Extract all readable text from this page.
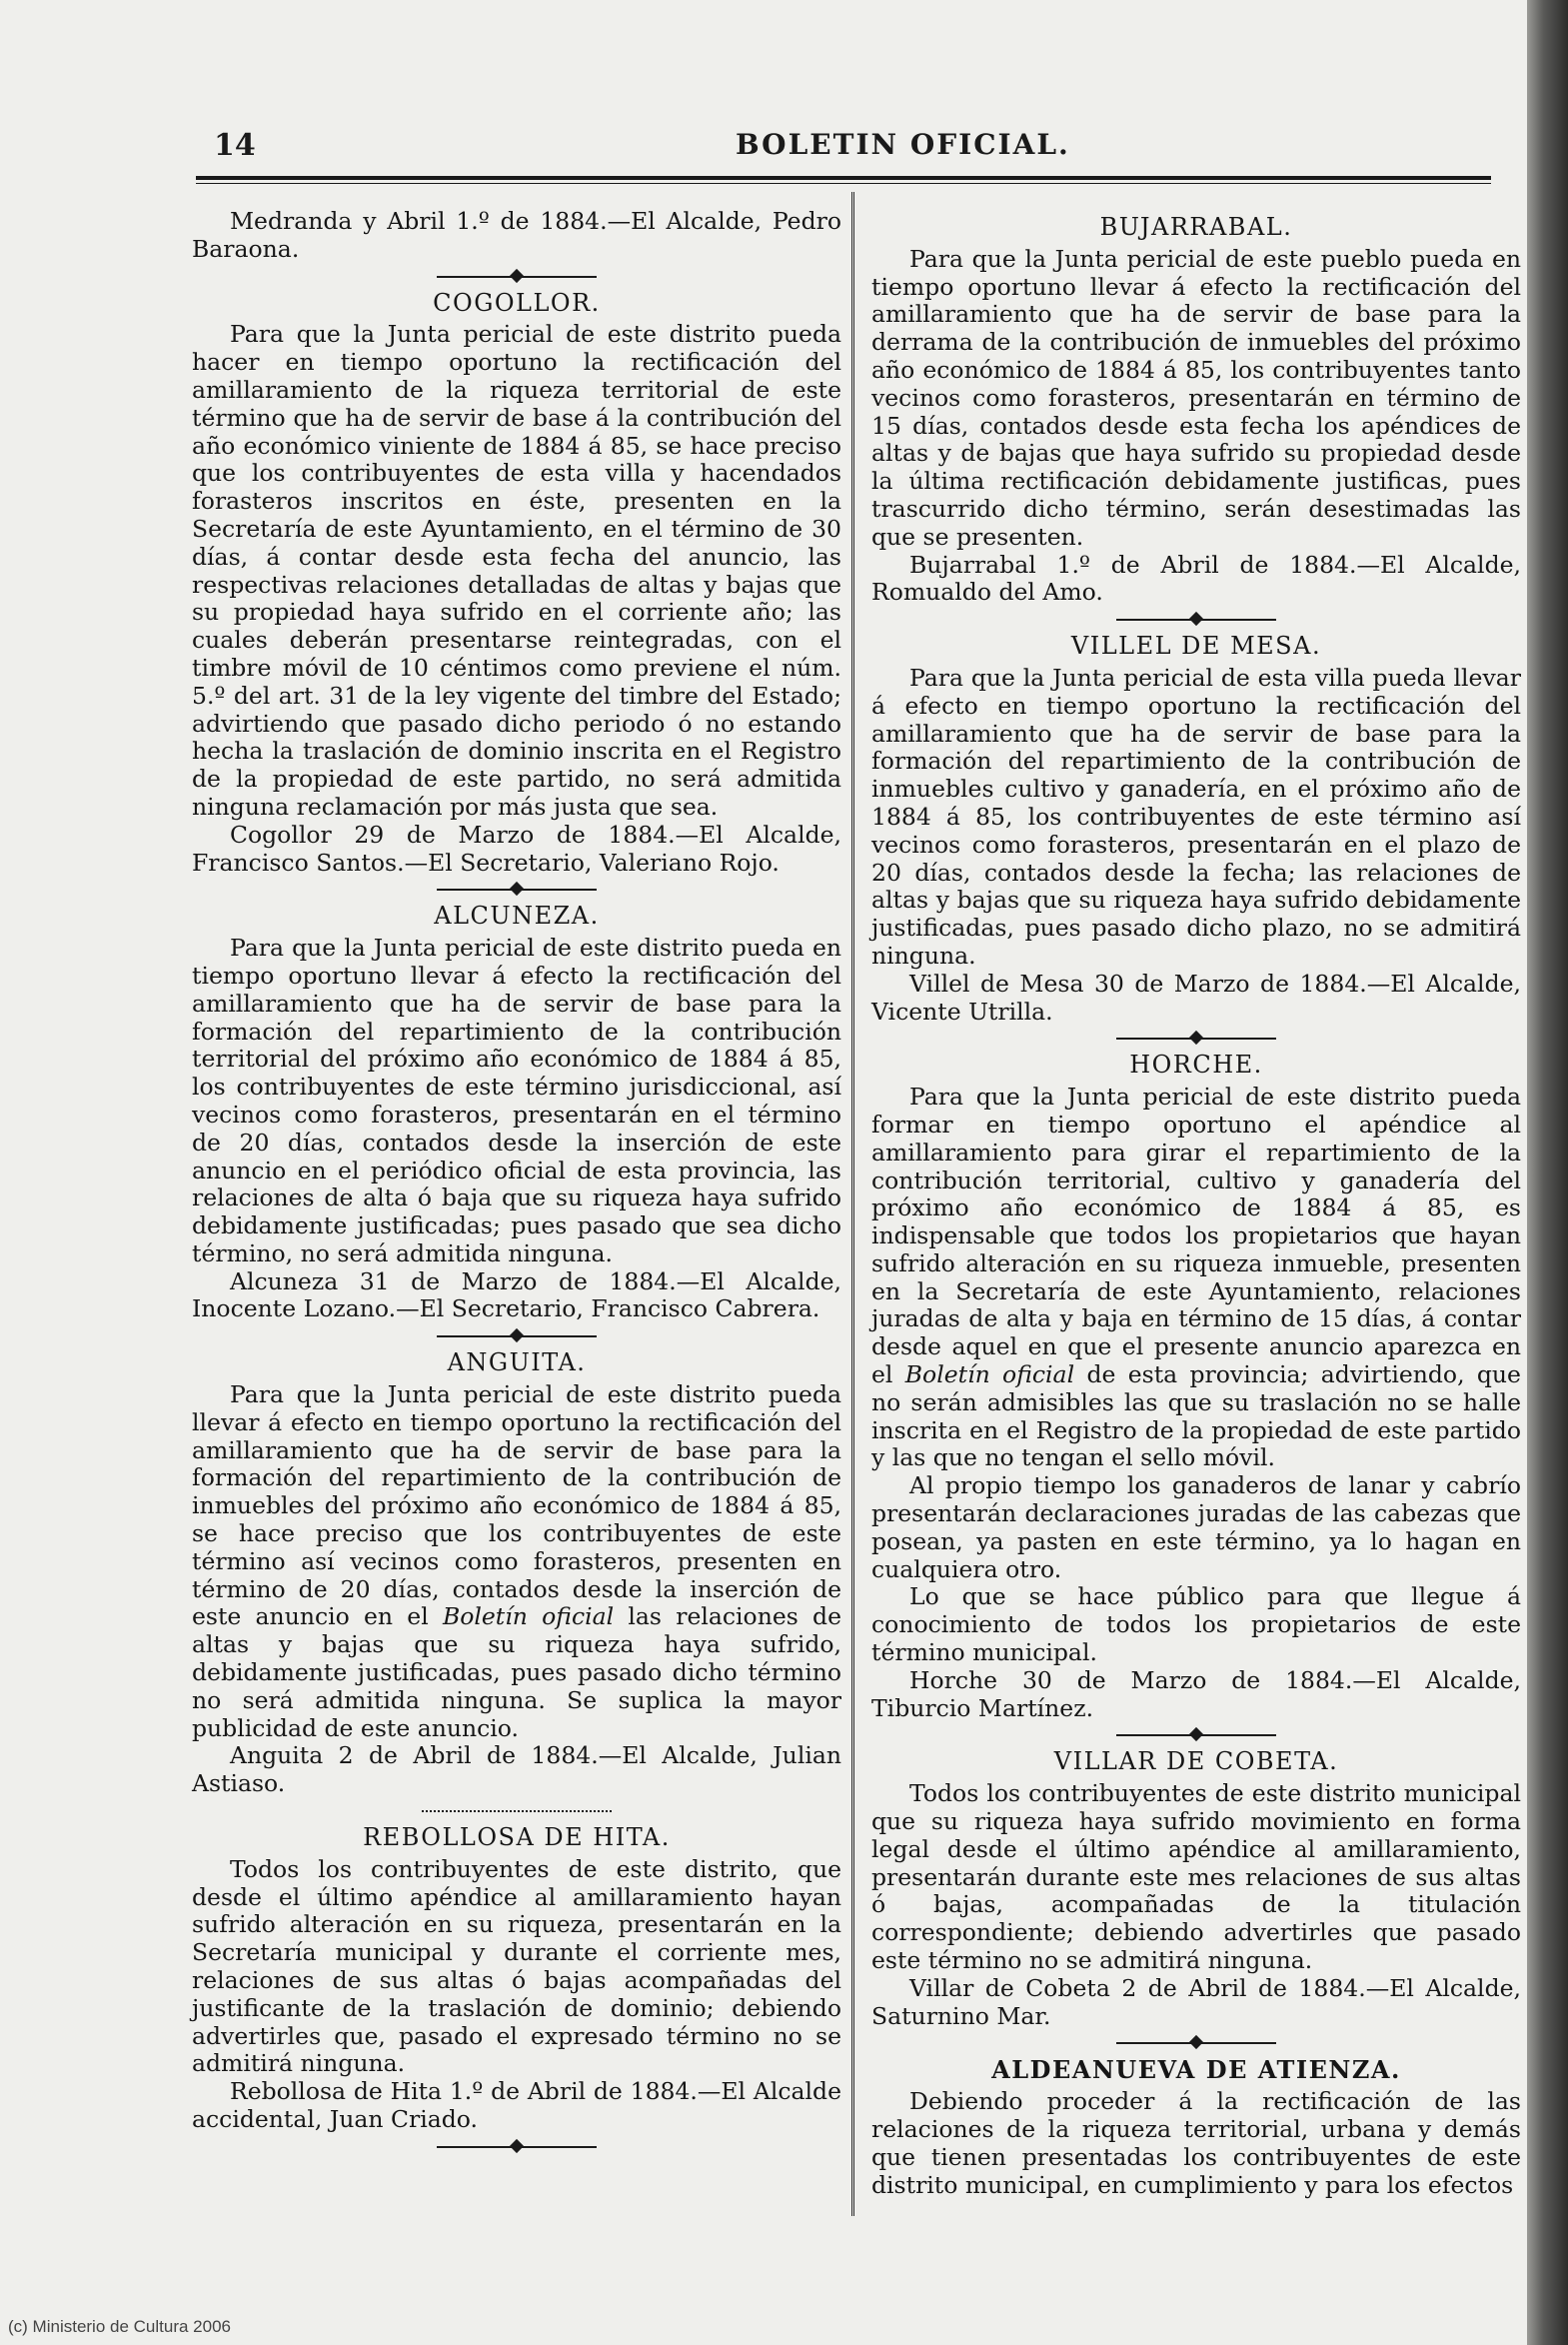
14	BOLETIN OFICIAL.

Medranda y Abril 1.º de 1884.—El Alcalde, Pedro Baraona.

COGOLLOR.

Para que la Junta pericial de este distrito pueda hacer en tiempo oportuno la rectificación del amillaramiento de la riqueza territorial de este término que ha de servir de base á la contribución del año económico viniente de 1884 á 85, se hace preciso que los contribuyentes de esta villa y hacendados forasteros inscritos en éste, presenten en la Secretaría de este Ayuntamiento, en el término de 30 días, á contar desde esta fecha del anuncio, las respectivas relaciones detalladas de altas y bajas que su propiedad haya sufrido en el corriente año; las cuales deberán presentarse reintegradas, con el timbre móvil de 10 céntimos como previene el núm. 5.º del art. 31 de la ley vigente del timbre del Estado; advirtiendo que pasado dicho periodo ó no estando hecha la traslación de dominio inscrita en el Registro de la propiedad de este partido, no será admitida ninguna reclamación por más justa que sea.

Cogollor 29 de Marzo de 1884.—El Alcalde, Francisco Santos.—El Secretario, Valeriano Rojo.

ALCUNEZA.

Para que la Junta pericial de este distrito pueda en tiempo oportuno llevar á efecto la rectificación del amillaramiento que ha de servir de base para la formación del repartimiento de la contribución territorial del próximo año económico de 1884 á 85, los contribuyentes de este término jurisdiccional, así vecinos como forasteros, presentarán en el término de 20 días, contados desde la inserción de este anuncio en el periódico oficial de esta provincia, las relaciones de alta ó baja que su riqueza haya sufrido debidamente justificadas; pues pasado que sea dicho término, no será admitida ninguna.

Alcuneza 31 de Marzo de 1884.—El Alcalde, Inocente Lozano.—El Secretario, Francisco Cabrera.

ANGUITA.

Para que la Junta pericial de este distrito pueda llevar á efecto en tiempo oportuno la rectificación del amillaramiento que ha de servir de base para la formación del repartimiento de la contribución de inmuebles del próximo año económico de 1884 á 85, se hace preciso que los contribuyentes de este término así vecinos como forasteros, presenten en término de 20 días, contados desde la inserción de este anuncio en el Boletín oficial las relaciones de altas y bajas que su riqueza haya sufrido, debidamente justificadas, pues pasado dicho término no será admitida ninguna. Se suplica la mayor publicidad de este anuncio.

Anguita 2 de Abril de 1884.—El Alcalde, Julian Astiaso.

REBOLLOSA DE HITA.

Todos los contribuyentes de este distrito, que desde el último apéndice al amillaramiento hayan sufrido alteración en su riqueza, presentarán en la Secretaría municipal y durante el corriente mes, relaciones de sus altas ó bajas acompañadas del justificante de la traslación de dominio; debiendo advertirles que, pasado el expresado término no se admitirá ninguna.

Rebollosa de Hita 1.º de Abril de 1884.—El Alcalde accidental, Juan Criado.

BUJARRABAL.

Para que la Junta pericial de este pueblo pueda en tiempo oportuno llevar á efecto la rectificación del amillaramiento que ha de servir de base para la derrama de la contribución de inmuebles del próximo año económico de 1884 á 85, los contribuyentes tanto vecinos como forasteros, presentarán en término de 15 días, contados desde esta fecha los apéndices de altas y de bajas que haya sufrido su propiedad desde la última rectificación debidamente justificas, pues trascurrido dicho término, serán desestimadas las que se presenten.

Bujarrabal 1.º de Abril de 1884.—El Alcalde, Romualdo del Amo.

VILLEL DE MESA.

Para que la Junta pericial de esta villa pueda llevar á efecto en tiempo oportuno la rectificación del amillaramiento que ha de servir de base para la formación del repartimiento de la contribución de inmuebles cultivo y ganadería, en el próximo año de 1884 á 85, los contribuyentes de este término así vecinos como forasteros, presentarán en el plazo de 20 días, contados desde la fecha; las relaciones de altas y bajas que su riqueza haya sufrido debidamente justificadas, pues pasado dicho plazo, no se admitirá ninguna.

Villel de Mesa 30 de Marzo de 1884.—El Alcalde, Vicente Utrilla.

HORCHE.

Para que la Junta pericial de este distrito pueda formar en tiempo oportuno el apéndice al amillaramiento para girar el repartimiento de la contribución territorial, cultivo y ganadería del próximo año económico de 1884 á 85, es indispensable que todos los propietarios que hayan sufrido alteración en su riqueza inmueble, presenten en la Secretaría de este Ayuntamiento, relaciones juradas de alta y baja en término de 15 días, á contar desde aquel en que el presente anuncio aparezca en el Boletín oficial de esta provincia; advirtiendo, que no serán admisibles las que su traslación no se halle inscrita en el Registro de la propiedad de este partido y las que no tengan el sello móvil.

Al propio tiempo los ganaderos de lanar y cabrío presentarán declaraciones juradas de las cabezas que posean, ya pasten en este término, ya lo hagan en cualquiera otro.

Lo que se hace público para que llegue á conocimiento de todos los propietarios de este término municipal.

Horche 30 de Marzo de 1884.—El Alcalde, Tiburcio Martínez.

VILLAR DE COBETA.

Todos los contribuyentes de este distrito municipal que su riqueza haya sufrido movimiento en forma legal desde el último apéndice al amillaramiento, presentarán durante este mes relaciones de sus altas ó bajas, acompañadas de la titulación correspondiente; debiendo advertirles que pasado este término no se admitirá ninguna.

Villar de Cobeta 2 de Abril de 1884.—El Alcalde, Saturnino Mar.

ALDEANUEVA DE ATIENZA.

Debiendo proceder á la rectificación de las relaciones de la riqueza territorial, urbana y demás que tienen presentadas los contribuyentes de este distrito municipal, en cumplimiento y para los efectos

(c) Ministerio de Cultura 2006
